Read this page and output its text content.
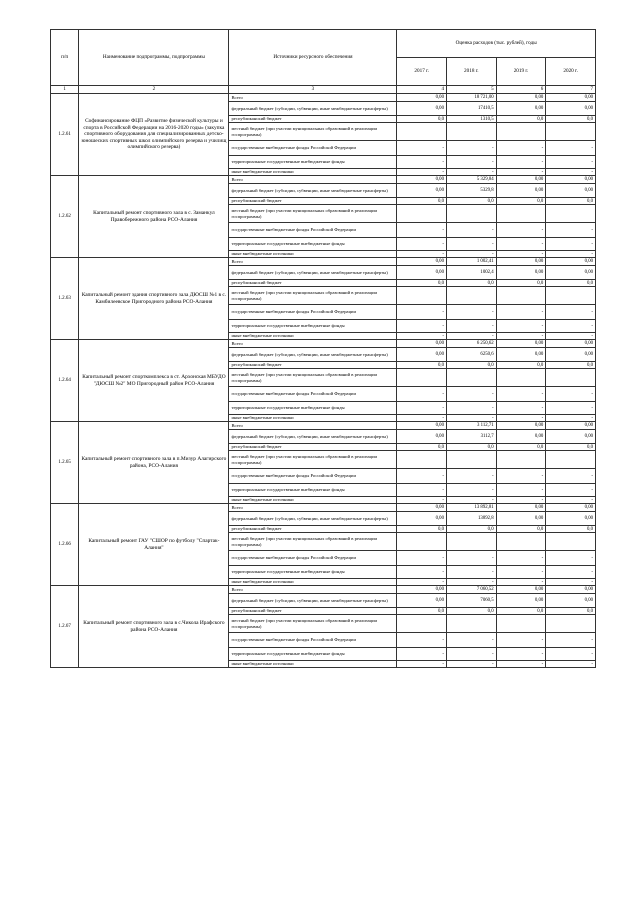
п/п	Наименование подпрограммы, подпрограммы	Источники ресурсного обеспечения	Оценка расходов (тыс. рублей), годы			
			2017 г.	2018 г.	2019 г.	2020 г.
1	2	3	4	5	6	7
1.2.61	Софинансирование ФЦП «Развитие физической культуры и спорта в Российской Федерации на 2016-2020 годы» (закупка спортивного оборудования для специализированных детско-юношеских спортивных школ олимпийского резерва и училищ олимпийского резерва)	Всего	0,00	18 721,00	0,00	0,00
		федеральный бюджет (субсидии, субвенции, иные межбюджетные трансферты)	0,00	17410,5	0,00	0,00
		республиканский бюджет	0,0	1310,5	0,0	0,0
		местный бюджет (при участии муниципальных образований в реализации госпрограммы)				
		государственные внебюджетные фонды Российской Федерации	-	-	-	-
		территориальные государственные внебюджетные фонды	-	-	-	-
		иные внебюджетные источники	-	-	-	-
1.2.62	Капитальный ремонт спортивного зала в с. Заманкул Правобережного района РСО-Алания	Всего	0,00	5 329,84	0,00	0,00
		федеральный бюджет (субсидии, субвенции, иные межбюджетные трансферты)	0,00	5329,8	0,00	0,00
		республиканский бюджет	0,0	0,0	0,0	0,0
		местный бюджет (при участии муниципальных образований в реализации госпрограммы)				
		государственные внебюджетные фонды Российской Федерации	-	-	-	-
		территориальные государственные внебюджетные фонды	-	-	-	-
		иные внебюджетные источники	-	-	-	-
1.2.63	Капитальный ремонт здания спортивного зала ДЮСШ №1 в с. Камбилеевское Пригородного района РСО-Алания	Всего	0,00	1 002,41	0,00	0,00
		федеральный бюджет (субсидии, субвенции, иные межбюджетные трансферты)	0,00	1002,4	0,00	0,00
		республиканский бюджет	0,0	0,0	0,0	0,0
		местный бюджет (при участии муниципальных образований в реализации госпрограммы)				
		государственные внебюджетные фонды Российской Федерации	-	-	-	-
		территориальные государственные внебюджетные фонды	-	-	-	-
		иные внебюджетные источники	-	-	-	-
1.2.64	Капитальный ремонт спорткомплекса в ст. Архонская МБУДО "ДЮСШ №2" МО Пригородный район РСО-Алания	Всего	0,00	6 250,62	0,00	0,00
		федеральный бюджет (субсидии, субвенции, иные межбюджетные трансферты)	0,00	6250,6	0,00	0,00
		республиканский бюджет	0,0	0,0	0,0	0,0
		местный бюджет (при участии муниципальных образований в реализации госпрограммы)				
		государственные внебюджетные фонды Российской Федерации	-	-	-	-
		территориальные государственные внебюджетные фонды	-	-	-	-
		иные внебюджетные источники	-	-	-	-
1.2.65	Капитальный ремонт спортивного зала в п.Мизур Алагирского района, РСО-Алания	Всего	0,00	3 112,71	0,00	0,00
		федеральный бюджет (субсидии, субвенции, иные межбюджетные трансферты)	0,00	3112,7	0,00	0,00
		республиканский бюджет	0,0	0,0	0,0	0,0
		местный бюджет (при участии муниципальных образований в реализации госпрограммы)				
		государственные внебюджетные фонды Российской Федерации	-	-	-	-
		территориальные государственные внебюджетные фонды	-	-	-	-
		иные внебюджетные источники	-	-	-	-
1.2.66	Капитальный ремонт ГАУ "СШОР по футболу "Спартак-Алания"	Всего	0,00	13 892,81	0,00	0,00
		федеральный бюджет (субсидии, субвенции, иные межбюджетные трансферты)	0,00	13892,8	0,00	0,00
		республиканский бюджет	0,0	0,0	0,0	0,0
		местный бюджет (при участии муниципальных образований в реализации госпрограммы)				
		государственные внебюджетные фонды Российской Федерации	-	-	-	-
		территориальные государственные внебюджетные фонды	-	-	-	-
		иные внебюджетные источники	-	-	-	-
1.2.67	Капитальный ремонт спортивного зала в с.Чикола Ирафского района РСО-Алания	Всего	0,00	7 060,52	0,00	0,00
		федеральный бюджет (субсидии, субвенции, иные межбюджетные трансферты)	0,00	7060,5	0,00	0,00
		республиканский бюджет	0,0	0,0	0,0	0,0
		местный бюджет (при участии муниципальных образований в реализации госпрограммы)				
		государственные внебюджетные фонды Российской Федерации	-	-	-	-
		территориальные государственные внебюджетные фонды	-	-	-	-
		иные внебюджетные источники	-	-	-	-
